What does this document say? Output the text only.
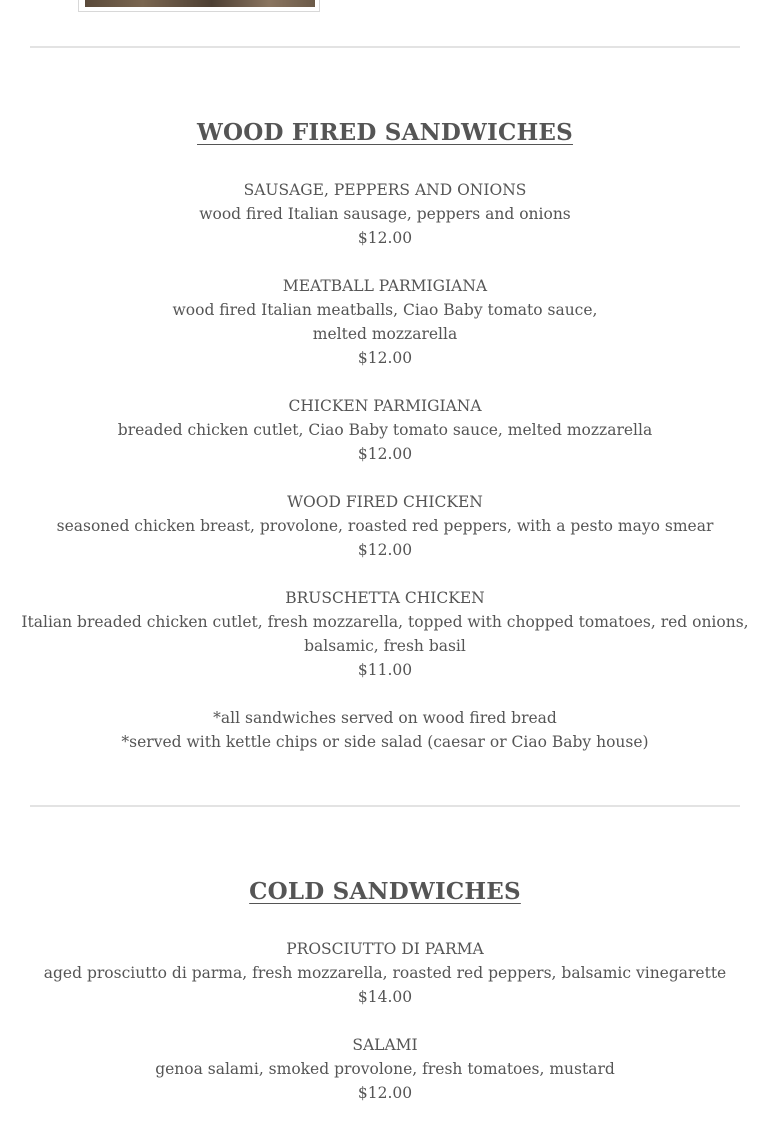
WOOD FIRED SANDWICHES
SAUSAGE, PEPPERS AND ONIONS
wood fired Italian sausage, peppers and onions
$12.00
MEATBALL PARMIGIANA
wood fired Italian meatballs, Ciao Baby tomato sauce,
melted mozzarella
$12.00
CHICKEN PARMIGIANA
breaded chicken cutlet, Ciao Baby tomato sauce, melted mozzarella
$12.00
WOOD FIRED CHICKEN
seasoned chicken breast, provolone, roasted red peppers, with a pesto mayo smear
$12.00
BRUSCHETTA CHICKEN
Italian breaded chicken cutlet, fresh mozzarella, topped with chopped tomatoes, red onions,
balsamic, fresh basil
$11.00
*all sandwiches served on wood fired bread
*served with kettle chips or side salad (caesar or Ciao Baby house)
COLD SANDWICHES
PROSCIUTTO DI PARMA
aged prosciutto di parma, fresh mozzarella, roasted red peppers, balsamic vinegarette
$14.00
SALAMI
genoa salami, smoked provolone, fresh tomatoes, mustard
$12.00
